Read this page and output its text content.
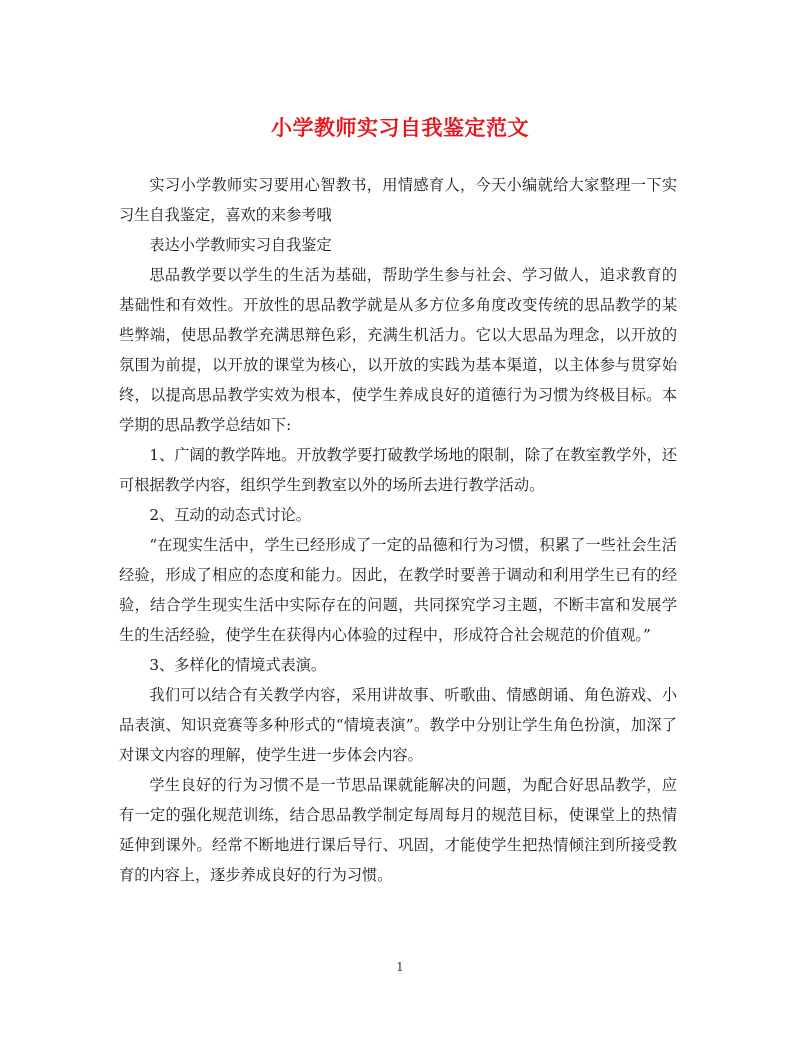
小学教师实习自我鉴定范文

实习小学教师实习要用心智教书，用情感育人，今天小编就给大家整理一下实习生自我鉴定，喜欢的来参考哦

表达小学教师实习自我鉴定

思品教学要以学生的生活为基础，帮助学生参与社会、学习做人，追求教育的基础性和有效性。开放性的思品教学就是从多方位多角度改变传统的思品教学的某些弊端，使思品教学充满思辩色彩，充满生机活力。它以大思品为理念，以开放的氛围为前提，以开放的课堂为核心，以开放的实践为基本渠道，以主体参与贯穿始终，以提高思品教学实效为根本，使学生养成良好的道德行为习惯为终极目标。本学期的思品教学总结如下:

1、广阔的教学阵地。开放教学要打破教学场地的限制，除了在教室教学外，还可根据教学内容，组织学生到教室以外的场所去进行教学活动。

2、互动的动态式讨论。

“在现实生活中，学生已经形成了一定的品德和行为习惯，积累了一些社会生活经验，形成了相应的态度和能力。因此，在教学时要善于调动和利用学生已有的经验，结合学生现实生活中实际存在的问题，共同探究学习主题，不断丰富和发展学生的生活经验，使学生在获得内心体验的过程中，形成符合社会规范的价值观。”

3、多样化的情境式表演。

我们可以结合有关教学内容，采用讲故事、听歌曲、情感朗诵、角色游戏、小品表演、知识竞赛等多种形式的“情境表演”。教学中分别让学生角色扮演，加深了对课文内容的理解，使学生进一步体会内容。

学生良好的行为习惯不是一节思品课就能解决的问题，为配合好思品教学，应有一定的强化规范训练，结合思品教学制定每周每月的规范目标，使课堂上的热情延伸到课外。经常不断地进行课后导行、巩固，才能使学生把热情倾注到所接受教育的内容上，逐步养成良好的行为习惯。

1
